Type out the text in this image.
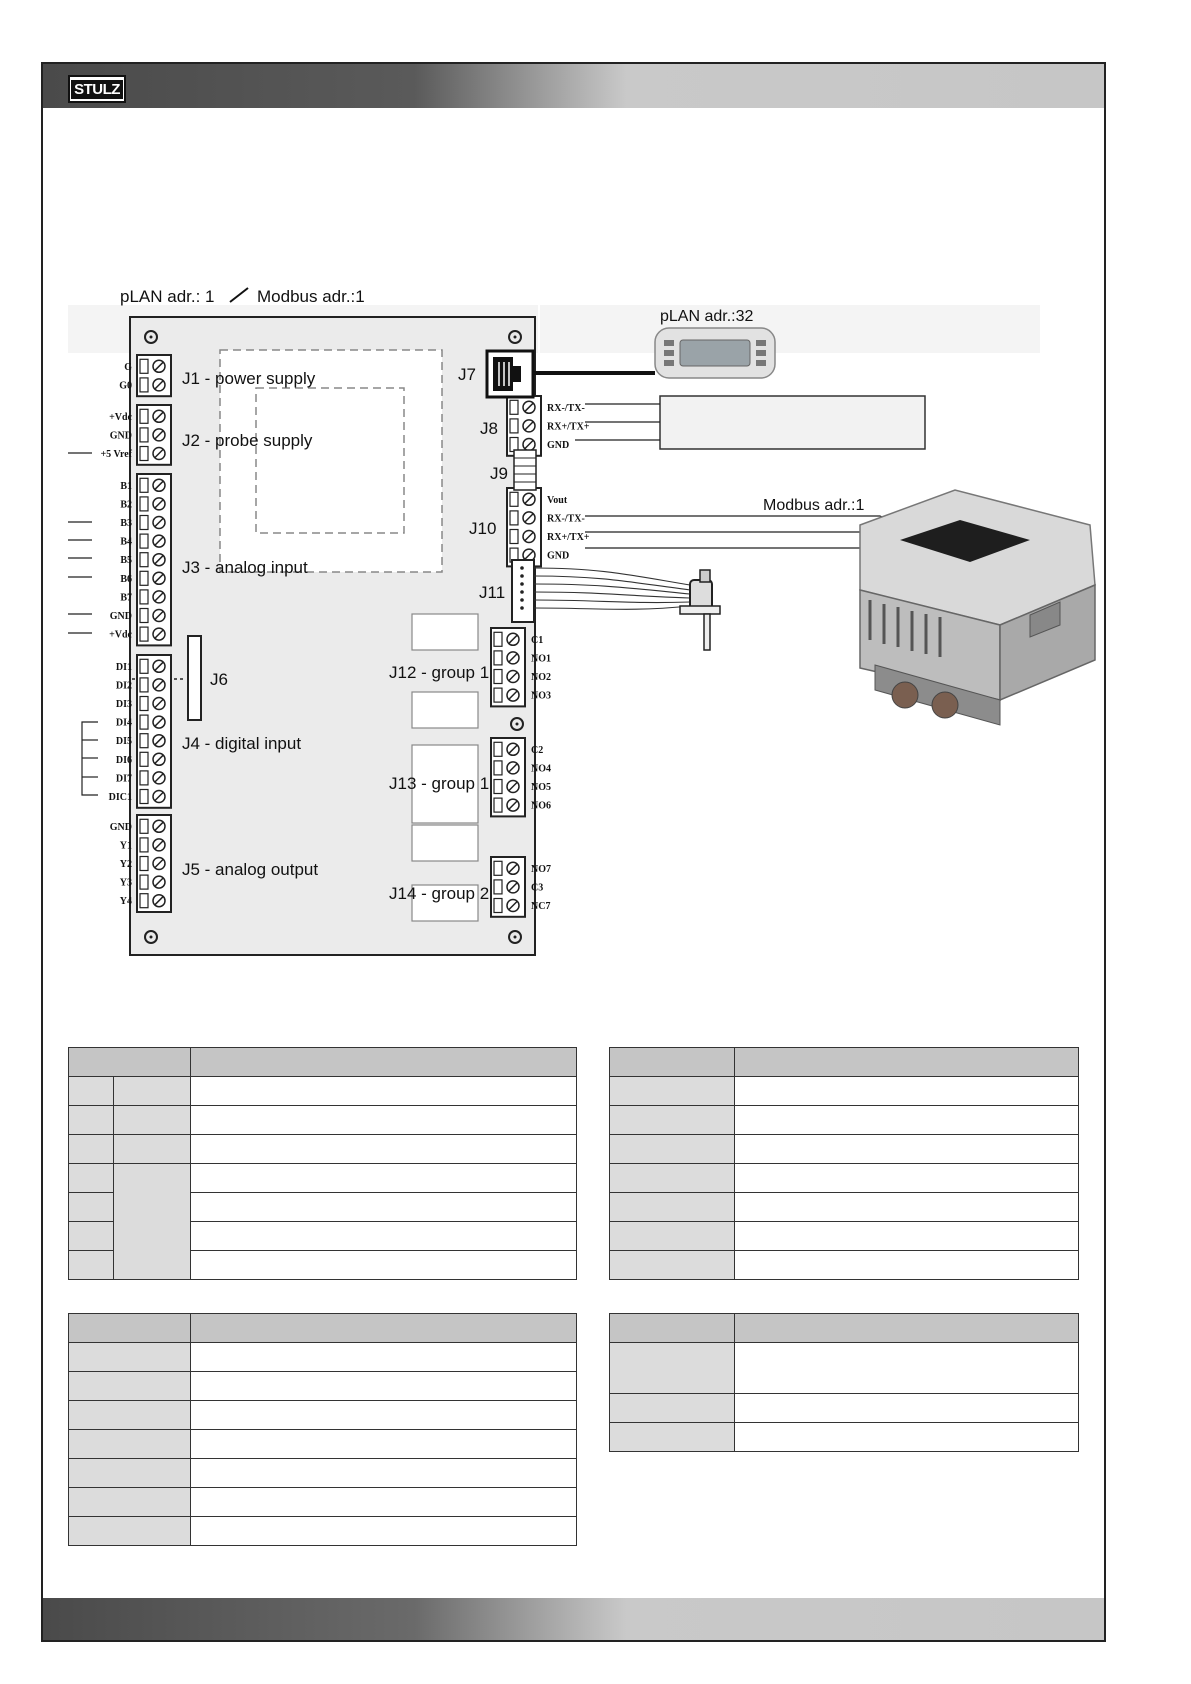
STULZ
pLAN adr.: 1 Modbus adr.:1
G
G0
+Vdc
GND
+5 Vref
B1
B2
B3
B4
B5
B6
B7
GND
+Vdc
DI1
DI2
DI3
DI4
DI5
DI6
DI7
DIC1
GND
Y1
Y2
Y3
Y4
RX-/TX-
RX+/TX+
GND
Vout
RX-/TX-
RX+/TX+
GND
C1
NO1
NO2
NO3
C2
NO4
NO5
NO6
NO7
C3
NC7
J1 - power supply
J2 - probe supply
J3 - analog input
J6
J4 - digital input
J5 - analog output
J7
J8
J9
J10
J11
J12 - group 1
J13 - group 1
J14 - group 2
pLAN adr.:32
Modbus adr.:1
